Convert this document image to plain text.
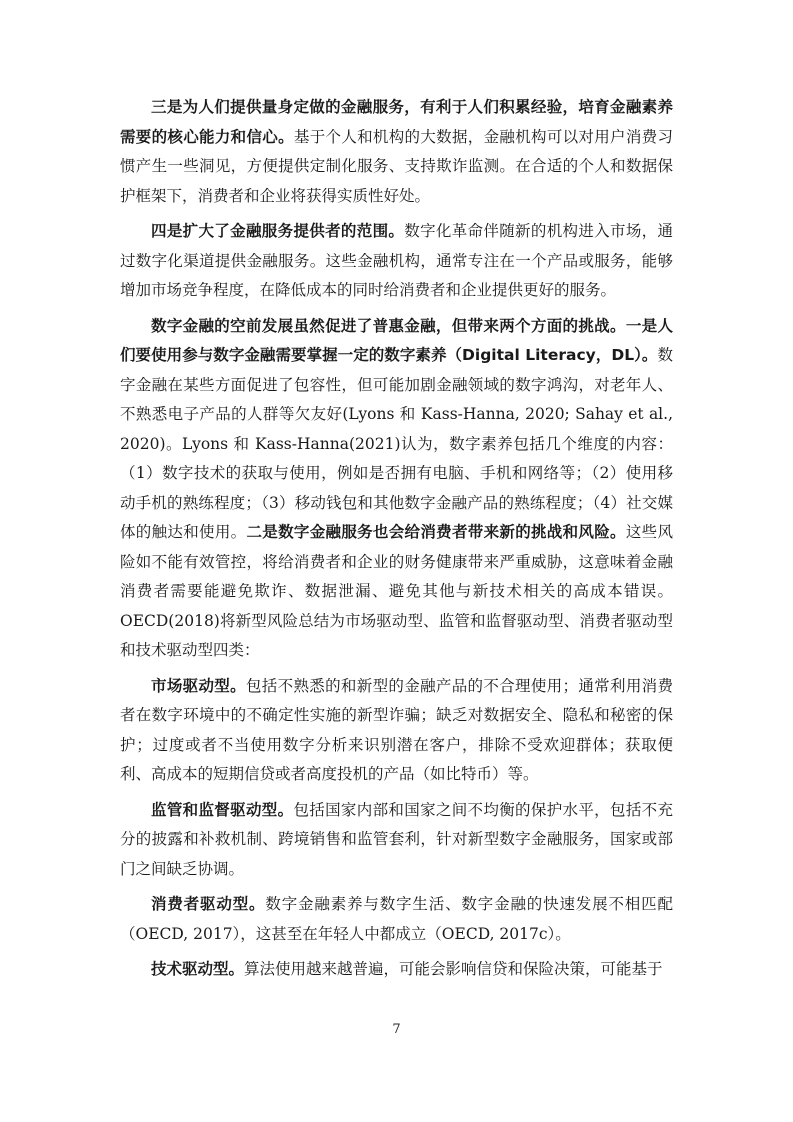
三是为人们提供量身定做的金融服务，有利于人们积累经验，培育金融素养需要的核心能力和信心。基于个人和机构的大数据，金融机构可以对用户消费习惯产生一些洞见，方便提供定制化服务、支持欺诈监测。在合适的个人和数据保护框架下，消费者和企业将获得实质性好处。

四是扩大了金融服务提供者的范围。数字化革命伴随新的机构进入市场，通过数字化渠道提供金融服务。这些金融机构，通常专注在一个产品或服务，能够增加市场竞争程度，在降低成本的同时给消费者和企业提供更好的服务。

数字金融的空前发展虽然促进了普惠金融，但带来两个方面的挑战。一是人们要使用参与数字金融需要掌握一定的数字素养（Digital Literacy，DL）。数字金融在某些方面促进了包容性，但可能加剧金融领域的数字鸿沟，对老年人、不熟悉电子产品的人群等欠友好(Lyons 和 Kass-Hanna, 2020; Sahay et al., 2020)。Lyons 和 Kass-Hanna(2021)认为，数字素养包括几个维度的内容：（1）数字技术的获取与使用，例如是否拥有电脑、手机和网络等；（2）使用移动手机的熟练程度；（3）移动钱包和其他数字金融产品的熟练程度；（4）社交媒体的触达和使用。二是数字金融服务也会给消费者带来新的挑战和风险。这些风险如不能有效管控，将给消费者和企业的财务健康带来严重威胁，这意味着金融消费者需要能避免欺诈、数据泄漏、避免其他与新技术相关的高成本错误。OECD(2018)将新型风险总结为市场驱动型、监管和监督驱动型、消费者驱动型和技术驱动型四类：

市场驱动型。包括不熟悉的和新型的金融产品的不合理使用；通常利用消费者在数字环境中的不确定性实施的新型诈骗；缺乏对数据安全、隐私和秘密的保护；过度或者不当使用数字分析来识别潜在客户，排除不受欢迎群体；获取便利、高成本的短期信贷或者高度投机的产品（如比特币）等。

监管和监督驱动型。包括国家内部和国家之间不均衡的保护水平，包括不充分的披露和补救机制、跨境销售和监管套利，针对新型数字金融服务，国家或部门之间缺乏协调。

消费者驱动型。数字金融素养与数字生活、数字金融的快速发展不相匹配（OECD, 2017），这甚至在年轻人中都成立（OECD, 2017c）。

技术驱动型。算法使用越来越普遍，可能会影响信贷和保险决策，可能基于

7
